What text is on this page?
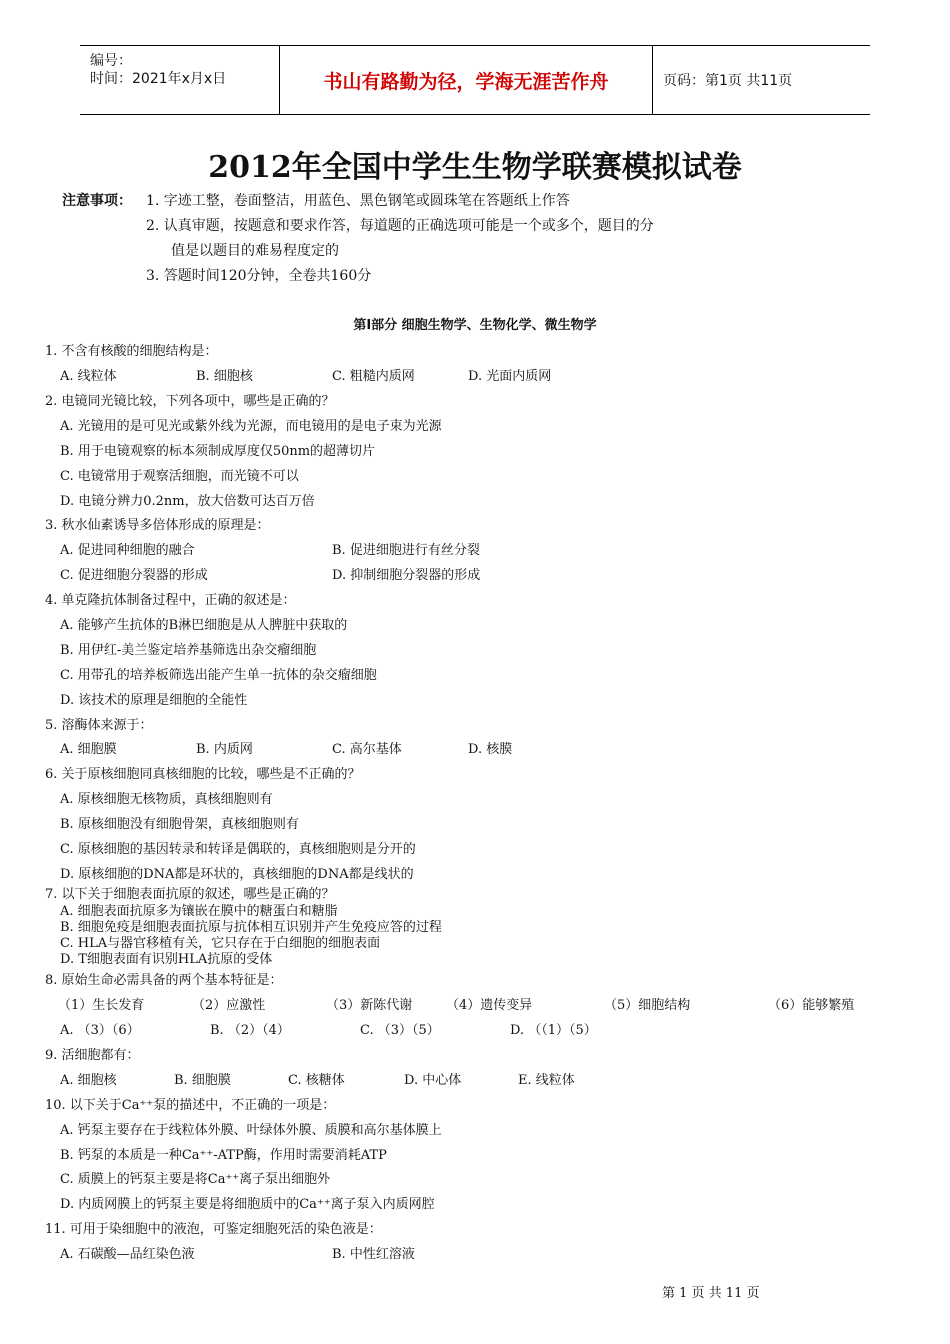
编号：
时间：2021年x月x日	书山有路勤为径，学海无涯苦作舟	页码：第1页 共11页
2012年全国中学生生物学联赛模拟试卷
注意事项： 1. 字迹工整，卷面整洁，用蓝色、黑色钢笔或圆珠笔在答题纸上作答
2. 认真审题，按题意和要求作答，每道题的正确选项可能是一个或多个，题目的分
值是以题目的难易程度定的
3. 答题时间120分钟，全卷共160分
第Ⅰ部分 细胞生物学、生物化学、微生物学
1. 不含有核酸的细胞结构是：
A. 线粒体	B. 细胞核	C. 粗糙内质网	D. 光面内质网
2. 电镜同光镜比较，下列各项中，哪些是正确的？
A. 光镜用的是可见光或紫外线为光源，而电镜用的是电子束为光源
B. 用于电镜观察的标本须制成厚度仅50nm的超薄切片
C. 电镜常用于观察活细胞，而光镜不可以
D. 电镜分辨力0.2nm，放大倍数可达百万倍
3. 秋水仙素诱导多倍体形成的原理是：
A. 促进同种细胞的融合	B. 促进细胞进行有丝分裂
C. 促进细胞分裂器的形成	D. 抑制细胞分裂器的形成
4. 单克隆抗体制备过程中，正确的叙述是：
A. 能够产生抗体的B淋巴细胞是从人脾脏中获取的
B. 用伊红-美兰鉴定培养基筛选出杂交瘤细胞
C. 用带孔的培养板筛选出能产生单一抗体的杂交瘤细胞
D. 该技术的原理是细胞的全能性
5. 溶酶体来源于：
A. 细胞膜	B. 内质网	C. 高尔基体	D. 核膜
6. 关于原核细胞同真核细胞的比较，哪些是不正确的？
A. 原核细胞无核物质，真核细胞则有
B. 原核细胞没有细胞骨架，真核细胞则有
C. 原核细胞的基因转录和转译是偶联的，真核细胞则是分开的
D. 原核细胞的DNA都是环状的，真核细胞的DNA都是线状的
7. 以下关于细胞表面抗原的叙述，哪些是正确的？
A. 细胞表面抗原多为镶嵌在膜中的糖蛋白和糖脂
B. 细胞免疫是细胞表面抗原与抗体相互识别并产生免疫应答的过程
C. HLA与器官移植有关，它只存在于白细胞的细胞表面
D. T细胞表面有识别HLA抗原的受体
8. 原始生命必需具备的两个基本特征是：
（1）生长发育	（2）应激性	（3）新陈代谢	（4）遗传变异	（5）细胞结构	（6）能够繁殖
A. （3）（6）	B. （2）（4）	C. （3）（5）	D. （（1）（5）
9. 活细胞都有：
A. 细胞核	B. 细胞膜	C. 核糖体	D. 中心体	E. 线粒体
10. 以下关于Ca⁺⁺泵的描述中，不正确的一项是：
A. 钙泵主要存在于线粒体外膜、叶绿体外膜、质膜和高尔基体膜上
B. 钙泵的本质是一种Ca⁺⁺-ATP酶，作用时需要消耗ATP
C. 质膜上的钙泵主要是将Ca⁺⁺离子泵出细胞外
D. 内质网膜上的钙泵主要是将细胞质中的Ca⁺⁺离子泵入内质网腔
11. 可用于染细胞中的液泡，可鉴定细胞死活的染色液是：
A. 石碳酸—品红染色液	B. 中性红溶液
第 1 页 共 11 页
